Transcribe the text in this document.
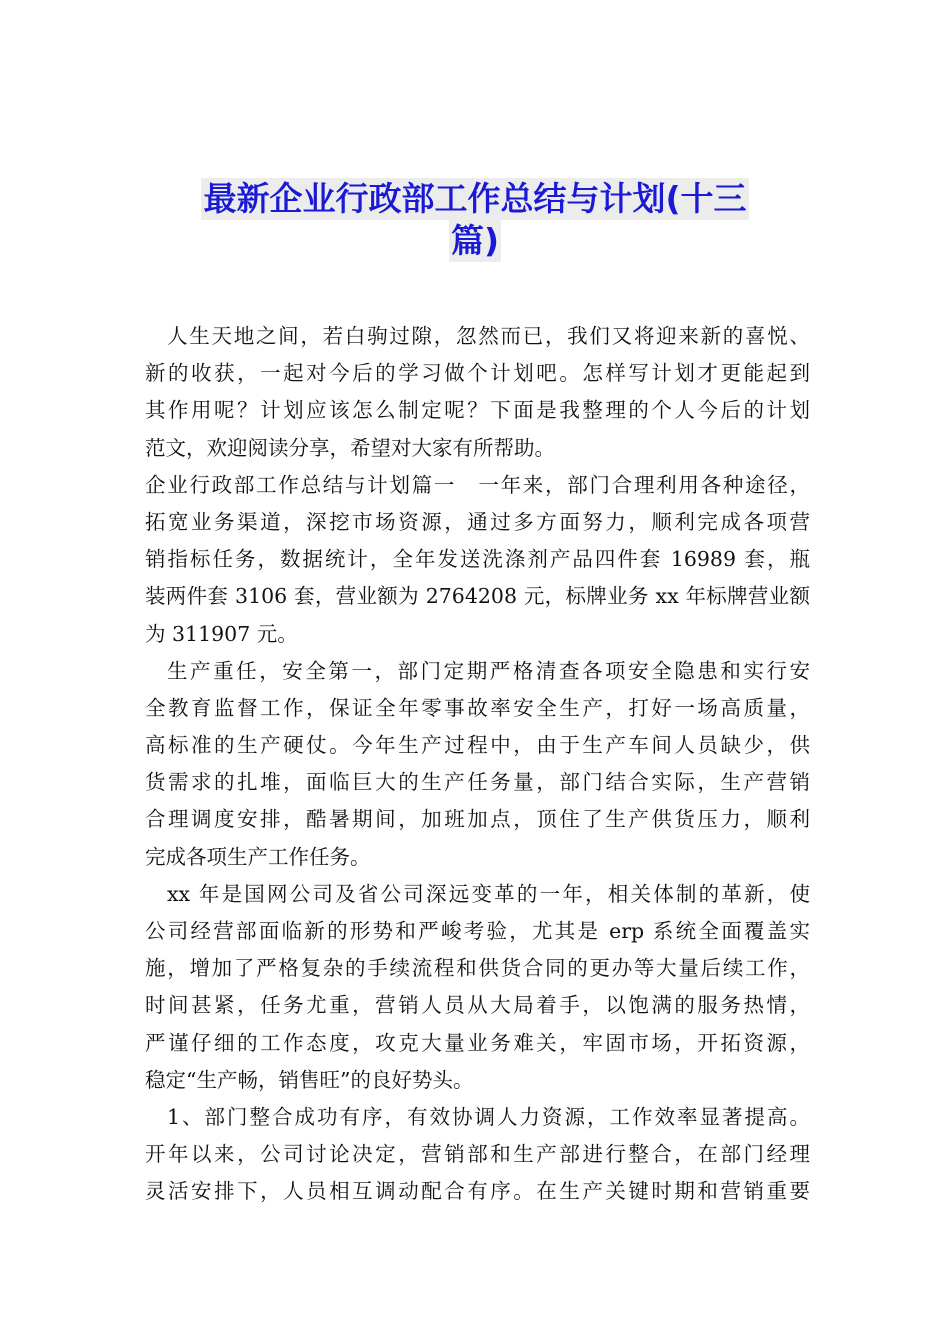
最新企业行政部工作总结与计划(十三
篇)
人生天地之间，若白驹过隙，忽然而已，我们又将迎来新的喜悦、
新的收获，一起对今后的学习做个计划吧。怎样写计划才更能起到
其作用呢？计划应该怎么制定呢？下面是我整理的个人今后的计划
范文，欢迎阅读分享，希望对大家有所帮助。
企业行政部工作总结与计划篇一　一年来，部门合理利用各种途径，
拓宽业务渠道，深挖市场资源，通过多方面努力，顺利完成各项营
销指标任务，数据统计，全年发送洗涤剂产品四件套 16989 套，瓶
装两件套 3106 套，营业额为 2764208 元，标牌业务 xx 年标牌营业额
为 311907 元。
生产重任，安全第一，部门定期严格清查各项安全隐患和实行安
全教育监督工作，保证全年零事故率安全生产，打好一场高质量，
高标准的生产硬仗。今年生产过程中，由于生产车间人员缺少，供
货需求的扎堆，面临巨大的生产任务量，部门结合实际，生产营销
合理调度安排，酷暑期间，加班加点，顶住了生产供货压力，顺利
完成各项生产工作任务。
xx 年是国网公司及省公司深远变革的一年，相关体制的革新，使
公司经营部面临新的形势和严峻考验，尤其是 erp 系统全面覆盖实
施，增加了严格复杂的手续流程和供货合同的更办等大量后续工作，
时间甚紧，任务尤重，营销人员从大局着手，以饱满的服务热情，
严谨仔细的工作态度，攻克大量业务难关，牢固市场，开拓资源，
稳定“生产畅，销售旺”的良好势头。
1、部门整合成功有序，有效协调人力资源，工作效率显著提高。
开年以来，公司讨论决定，营销部和生产部进行整合，在部门经理
灵活安排下，人员相互调动配合有序。在生产关键时期和营销重要
